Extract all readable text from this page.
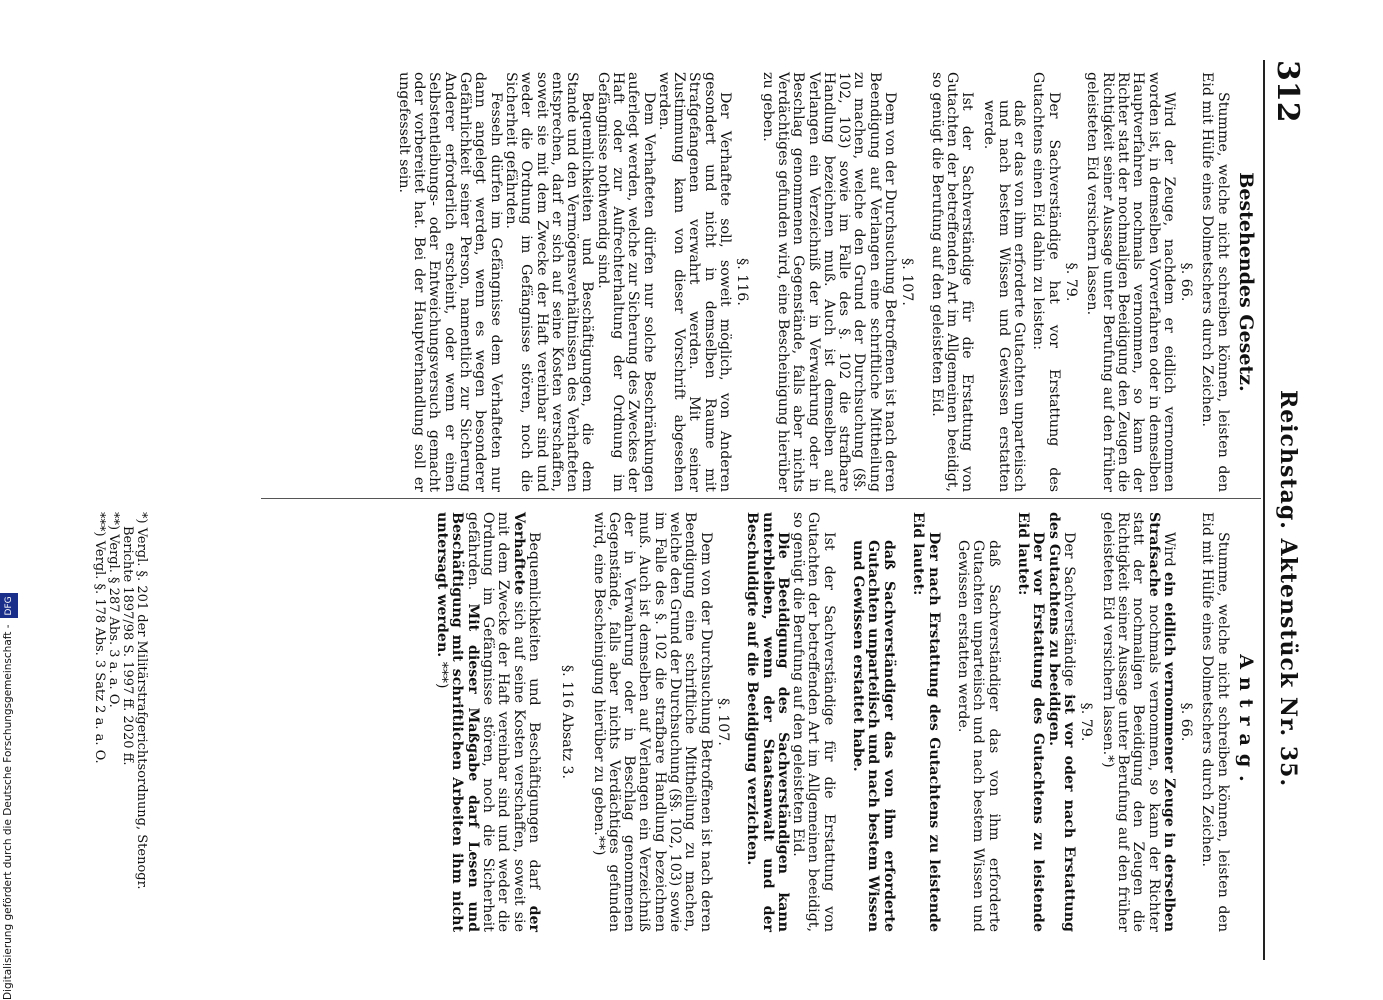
312
Reichstag. Aktenstück Nr. 35.
Bestehendes Gesetz.

Stumme, welche nicht schreiben können, leisten den Eid mit Hülfe eines Dolmetschers durch Zeichen.

§. 66.

Wird der Zeuge, nachdem er eidlich vernommen worden ist, in demselben Vorverfahren oder in demselben Hauptverfahren nochmals vernommen, so kann der Richter statt der nochmaligen Beeidigung den Zeugen die Richtigkeit seiner Aussage unter Berufung auf den früher geleisteten Eid versichern lassen.

§. 79.

Der Sachverständige hat vor Erstattung des Gutachtens einen Eid dahin zu leisten:

daß er das von ihm erforderte Gutachten unparteiisch und nach bestem Wissen und Gewissen erstatten werde.

Ist der Sachverständige für die Erstattung von Gutachten der betreffenden Art im Allgemeinen beeidigt, so genügt die Berufung auf den geleisteten Eid.

§. 107.

Dem von der Durchsuchung Betroffenen ist nach deren Beendigung auf Verlangen eine schriftliche Mittheilung zu machen, welche den Grund der Durchsuchung (§§. 102, 103) sowie im Falle des §. 102 die strafbare Handlung bezeichnen muß. Auch ist demselben auf Verlangen ein Verzeichniß der in Verwahrung oder in Beschlag genommenen Gegenstände, falls aber nichts Verdächtiges gefunden wird, eine Bescheinigung hierüber zu geben.

§. 116.

Der Verhaftete soll, soweit möglich, von Anderen gesondert und nicht in demselben Raume mit Strafgefangenen verwahrt werden. Mit seiner Zustimmung kann von dieser Vorschrift abgesehen werden.

Dem Verhafteten dürfen nur solche Beschränkungen auferlegt werden, welche zur Sicherung des Zweckes der Haft oder zur Aufrechterhaltung der Ordnung im Gefängnisse nothwendig sind.

Bequemlichkeiten und Beschäftigungen, die dem Stande und den Vermögensverhältnissen des Verhafteten entsprechen, darf er sich auf seine Kosten verschaffen, soweit sie mit dem Zwecke der Haft vereinbar sind und weder die Ordnung im Gefängnisse stören, noch die Sicherheit gefährden.

Fesseln dürfen im Gefängnisse dem Verhafteten nur dann angelegt werden, wenn es wegen besonderer Gefährlichkeit seiner Person, namentlich zur Sicherung Anderer erforderlich erscheint, oder wenn er einen Selbstentleibungs- oder Entweichungsversuch gemacht oder vorbereitet hat. Bei der Hauptverhandlung soll er ungefesselt sein.

Antrag.

Stumme, welche nicht schreiben können, leisten den Eid mit Hülfe eines Dolmetschers durch Zeichen.

§. 66.

Wird ein eidlich vernommener Zeuge in derselben Strafsache nochmals vernommen, so kann der Richter statt der nochmaligen Beeidigung den Zeugen die Richtigkeit seiner Aussage unter Berufung auf den früher geleisteten Eid versichern lassen.*)

§. 79.

Der Sachverständige ist vor oder nach Erstattung des Gutachtens zu beeidigen.

Der vor Erstattung des Gutachtens zu leistende Eid lautet:

daß Sachverständiger das von ihm erforderte Gutachten unparteiisch und nach bestem Wissen und Gewissen erstatten werde.

Der nach Erstattung des Gutachtens zu leistende Eid lautet:

daß Sachverständiger das von ihm erforderte Gutachten unparteiisch und nach bestem Wissen und Gewissen erstattet habe.

Ist der Sachverständige für die Erstattung von Gutachten der betreffenden Art im Allgemeinen beeidigt, so genügt die Berufung auf den geleisteten Eid.

Die Beeidigung des Sachverständigen kann unterbleiben, wenn der Staatsanwalt und der Beschuldigte auf die Beeidigung verzichten.

§. 107.

Dem von der Durchsuchung Betroffenen ist nach deren Beendigung eine schriftliche Mittheilung zu machen, welche den Grund der Durchsuchung (§§. 102, 103) sowie im Falle des §. 102 die strafbare Handlung bezeichnen muß. Auch ist demselben auf Verlangen ein Verzeichniß der in Verwahrung oder in Beschlag genommenen Gegenstände, falls aber nichts Verdächtiges gefunden wird, eine Bescheinigung hierüber zu geben.**)

§. 116 Absatz 3.

Bequemlichkeiten und Beschäftigungen darf der Verhaftete sich auf seine Kosten verschaffen, soweit sie mit dem Zwecke der Haft vereinbar sind und weder die Ordnung im Gefängnisse stören, noch die Sicherheit gefährden. Mit dieser Maßgabe darf Lesen und Beschäftigung mit schriftlichen Arbeiten ihm nicht untersagt werden. ***)

*) Vergl. §. 201 der Militärstrafgerichtsordnung, Stenogr. Berichte 1897/98 S. 1997 ff. 2020 ff.
**) Vergl. § 287 Abs. 3 a. a. O.
***) Vergl. §. 178 Abs. 3 Satz 2 a. a. O.
Digitalisierung gefördert durch die Deutsche Forschungsgemeinschaft -DFG
